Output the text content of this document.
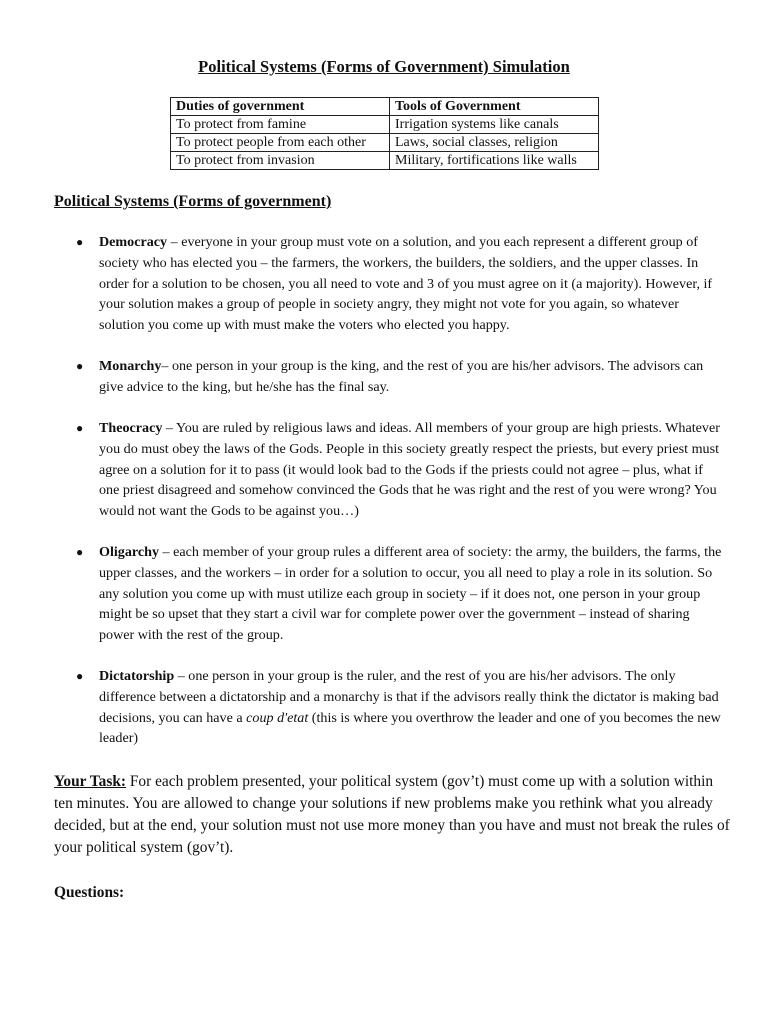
Political Systems (Forms of Government) Simulation
Duties of government	Tools of Government
To protect from famine	Irrigation systems like canals
To protect people from each other	Laws, social classes, religion
To protect from invasion	Military, fortifications like walls
Political Systems (Forms of government)
● Democracy – everyone in your group must vote on a solution, and you each represent a different group of society who has elected you – the farmers, the workers, the builders, the soldiers, and the upper classes. In order for a solution to be chosen, you all need to vote and 3 of you must agree on it (a majority). However, if your solution makes a group of people in society angry, they might not vote for you again, so whatever solution you come up with must make the voters who elected you happy.
● Monarchy– one person in your group is the king, and the rest of you are his/her advisors. The advisors can give advice to the king, but he/she has the final say.
● Theocracy – You are ruled by religious laws and ideas. All members of your group are high priests. Whatever you do must obey the laws of the Gods. People in this society greatly respect the priests, but every priest must agree on a solution for it to pass (it would look bad to the Gods if the priests could not agree – plus, what if one priest disagreed and somehow convinced the Gods that he was right and the rest of you were wrong? You would not want the Gods to be against you…)
● Oligarchy – each member of your group rules a different area of society: the army, the builders, the farms, the upper classes, and the workers – in order for a solution to occur, you all need to play a role in its solution. So any solution you come up with must utilize each group in society – if it does not, one person in your group might be so upset that they start a civil war for complete power over the government – instead of sharing power with the rest of the group.
● Dictatorship – one person in your group is the ruler, and the rest of you are his/her advisors. The only difference between a dictatorship and a monarchy is that if the advisors really think the dictator is making bad decisions, you can have a coup d'etat (this is where you overthrow the leader and one of you becomes the new leader)
Your Task: For each problem presented, your political system (gov’t) must come up with a solution within ten minutes. You are allowed to change your solutions if new problems make you rethink what you already decided, but at the end, your solution must not use more money than you have and must not break the rules of your political system (gov’t).
Questions:
